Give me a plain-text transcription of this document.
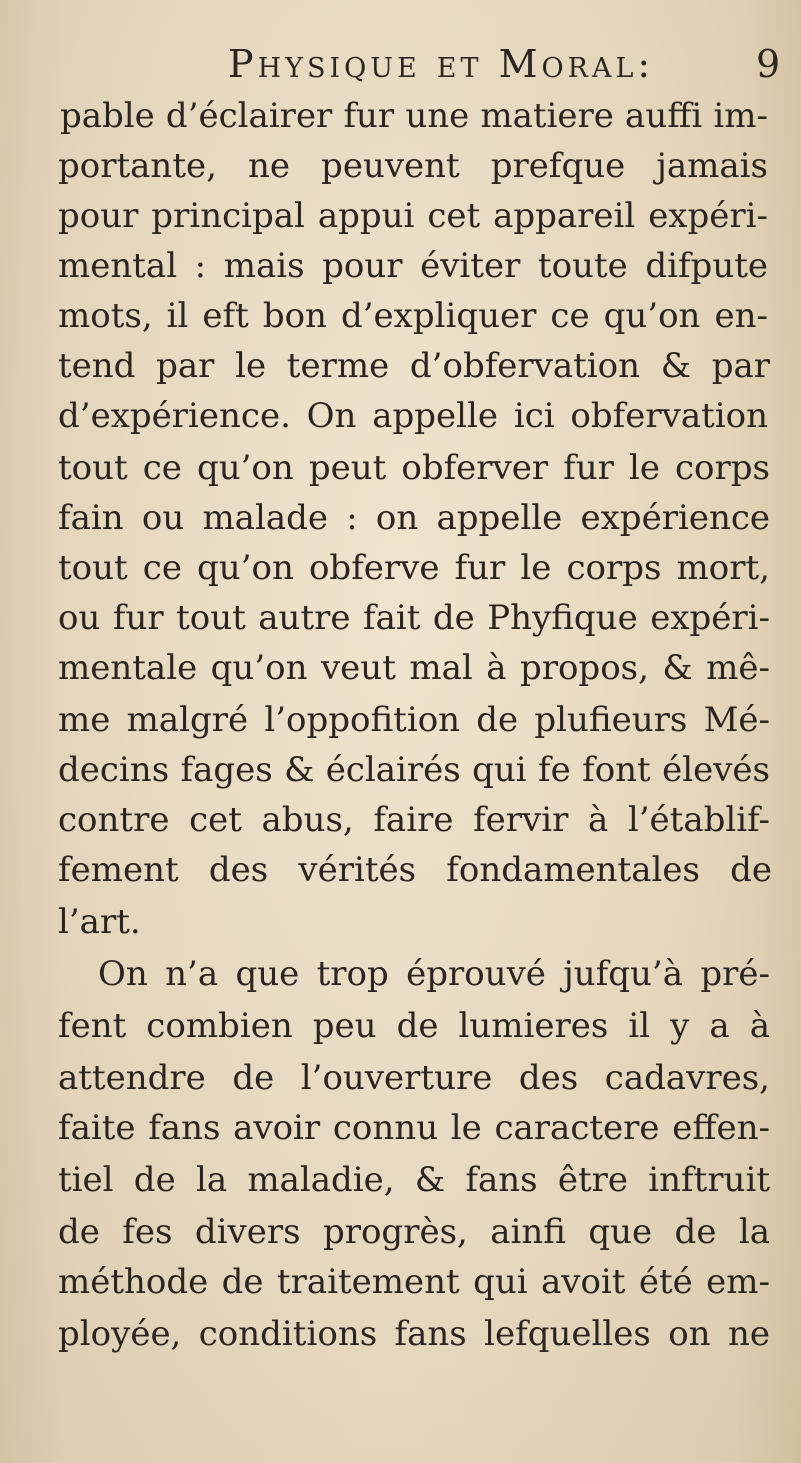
Physique et Moral:	9
pable d’éclairer fur une matiere auffi im-
portante, ne peuvent prefque jamais
pour principal appui cet appareil expéri-
mental : mais pour éviter toute difpute
mots, il eft bon d’expliquer ce qu’on en-
tend par le terme d’obfervation & par
d’expérience. On appelle ici obfervation
tout ce qu’on peut obferver fur le corps
fain ou malade : on appelle expérience
tout ce qu’on obferve fur le corps mort,
ou fur tout autre fait de Phyfique expéri-
mentale qu’on veut mal à propos, & mê-
me malgré l’oppofition de plufieurs Mé-
decins fages & éclairés qui fe font élevés
contre cet abus, faire fervir à l’établif-
fement des vérités fondamentales de
l’art.
On n’a que trop éprouvé jufqu’à pré-
fent combien peu de lumieres il y a à
attendre de l’ouverture des cadavres,
faite fans avoir connu le caractere effen-
tiel de la maladie, & fans être inftruit
de fes divers progrès, ainfi que de la
méthode de traitement qui avoit été em-
ployée, conditions fans lefquelles on ne
